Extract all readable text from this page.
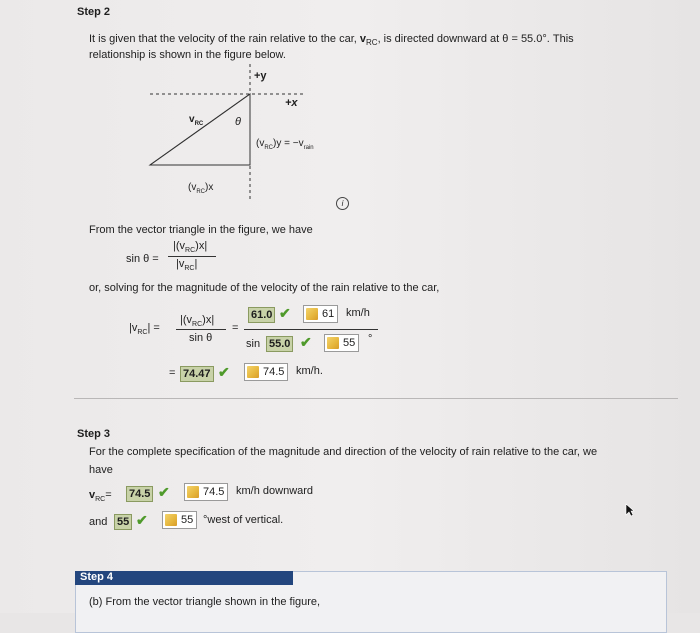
Step 2
It is given that the velocity of the rain relative to the car, $v_{RC}$, is directed downward at θ = 55.0°. This
relationship is shown in the figure below.
+y
+x
$v_{RC}$	θ
$(v_{RC})y = -v_{rain}$
$(v_{RC})x$
i
From the vector triangle in the figure, we have
sin θ =
$|(v_{RC})x|$
$|v_{RC}|$
or, solving for the magnitude of the velocity of the rain relative to the car,
$|v_{RC}|$ =
$|(v_{RC})x|$
sin θ
=
61.0 ✔	61	km/h
sin 55.0 ✔	55	°
= 74.47 ✔	74.5	km/h.
Step 3
For the complete specification of the magnitude and direction of the velocity of rain relative to the car, we
have
$v_{RC}= 74.5$ ✔	74.5	km/h downward
and 55 ✔	55 °west of vertical.
Step 4
(b) From the vector triangle shown in the figure,
